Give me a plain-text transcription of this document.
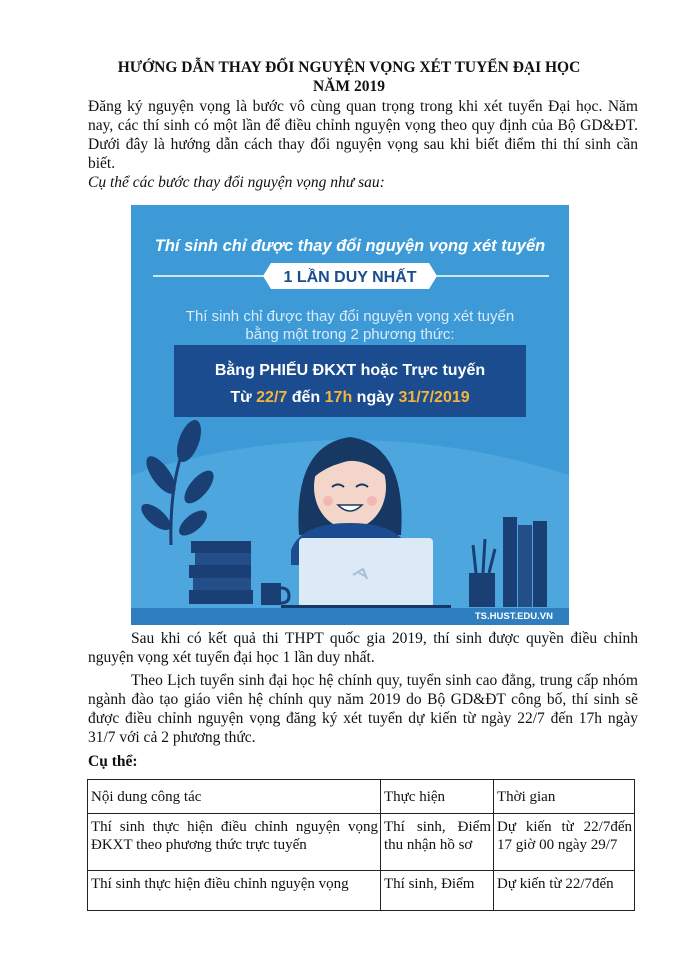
HƯỚNG DẪN THAY ĐỔI NGUYỆN VỌNG XÉT TUYỂN ĐẠI HỌC
NĂM 2019

Đăng ký nguyện vọng là bước vô cùng quan trọng trong khi xét tuyển Đại học. Năm nay, các thí sinh có một lần để điều chỉnh nguyện vọng theo quy định của Bộ GD&ĐT. Dưới đây là hướng dẫn cách thay đổi nguyện vọng sau khi biết điểm thi thí sinh cần biết.

Cụ thể các bước thay đổi nguyện vọng như sau:

Thí sinh chỉ được thay đổi nguyện vọng xét tuyển
1 LẦN DUY NHẤT
Thí sinh chỉ được thay đổi nguyện vọng xét tuyển
bằng một trong 2 phương thức:
Bằng PHIẾU ĐKXT hoặc Trực tuyến
Từ 22/7 đến 17h ngày 31/7/2019
TS.HUST.EDU.VN

Sau khi có kết quả thi THPT quốc gia 2019, thí sinh được quyền điều chỉnh nguyện vọng xét tuyển đại học 1 lần duy nhất.

Theo Lịch tuyển sinh đại học hệ chính quy, tuyển sinh cao đẳng, trung cấp nhóm ngành đào tạo giáo viên hệ chính quy năm 2019 do Bộ GD&ĐT công bố, thí sinh sẽ được điều chỉnh nguyện vọng đăng ký xét tuyển dự kiến từ ngày 22/7 đến 17h ngày 31/7 với cả 2 phương thức.

Cụ thể:
Nội dung công tác	Thực hiện	Thời gian
Thí sinh thực hiện điều chỉnh nguyện vọng ĐKXT theo phương thức trực tuyến	Thí sinh, Điểm thu nhận hồ sơ	Dự kiến từ 22/7đến 17 giờ 00 ngày 29/7
Thí sinh thực hiện điều chỉnh nguyện vọng	Thí sinh, Điểm	Dự kiến từ 22/7đến
